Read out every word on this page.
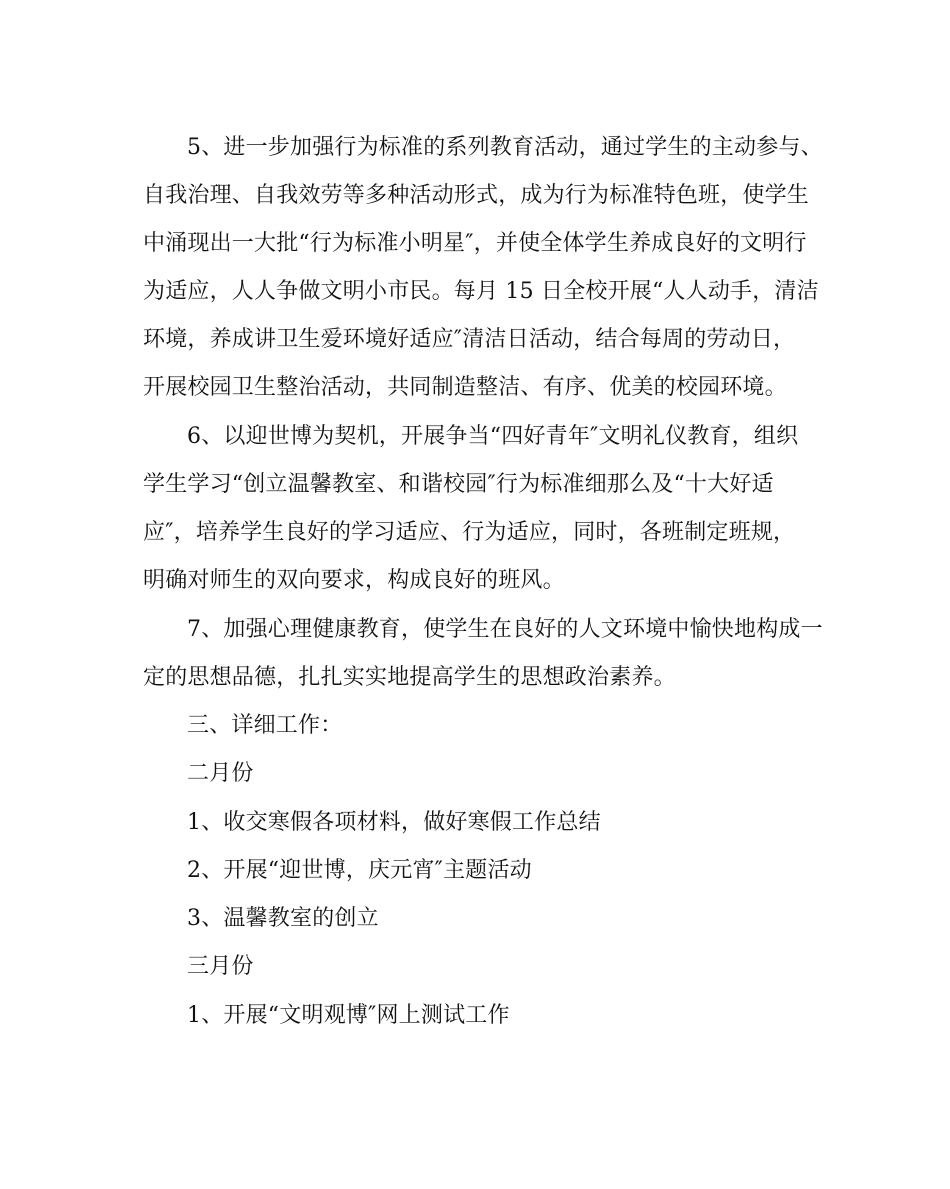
5、进一步加强行为标准的系列教育活动，通过学生的主动参与、
自我治理、自我效劳等多种活动形式，成为行为标准特色班，使学生
中涌现出一大批“行为标准小明星″，并使全体学生养成良好的文明行
为适应，人人争做文明小市民。每月 15 日全校开展“人人动手，清洁
环境，养成讲卫生爱环境好适应″清洁日活动，结合每周的劳动日，
开展校园卫生整治活动，共同制造整洁、有序、优美的校园环境。
6、以迎世博为契机，开展争当“四好青年″文明礼仪教育，组织
学生学习“创立温馨教室、和谐校园″行为标准细那么及“十大好适
应″，培养学生良好的学习适应、行为适应，同时，各班制定班规，
明确对师生的双向要求，构成良好的班风。
7、加强心理健康教育，使学生在良好的人文环境中愉快地构成一
定的思想品德，扎扎实实地提高学生的思想政治素养。
三、详细工作：
二月份
1、收交寒假各项材料，做好寒假工作总结
2、开展“迎世博，庆元宵″主题活动
3、温馨教室的创立
三月份
1、开展“文明观博″网上测试工作
